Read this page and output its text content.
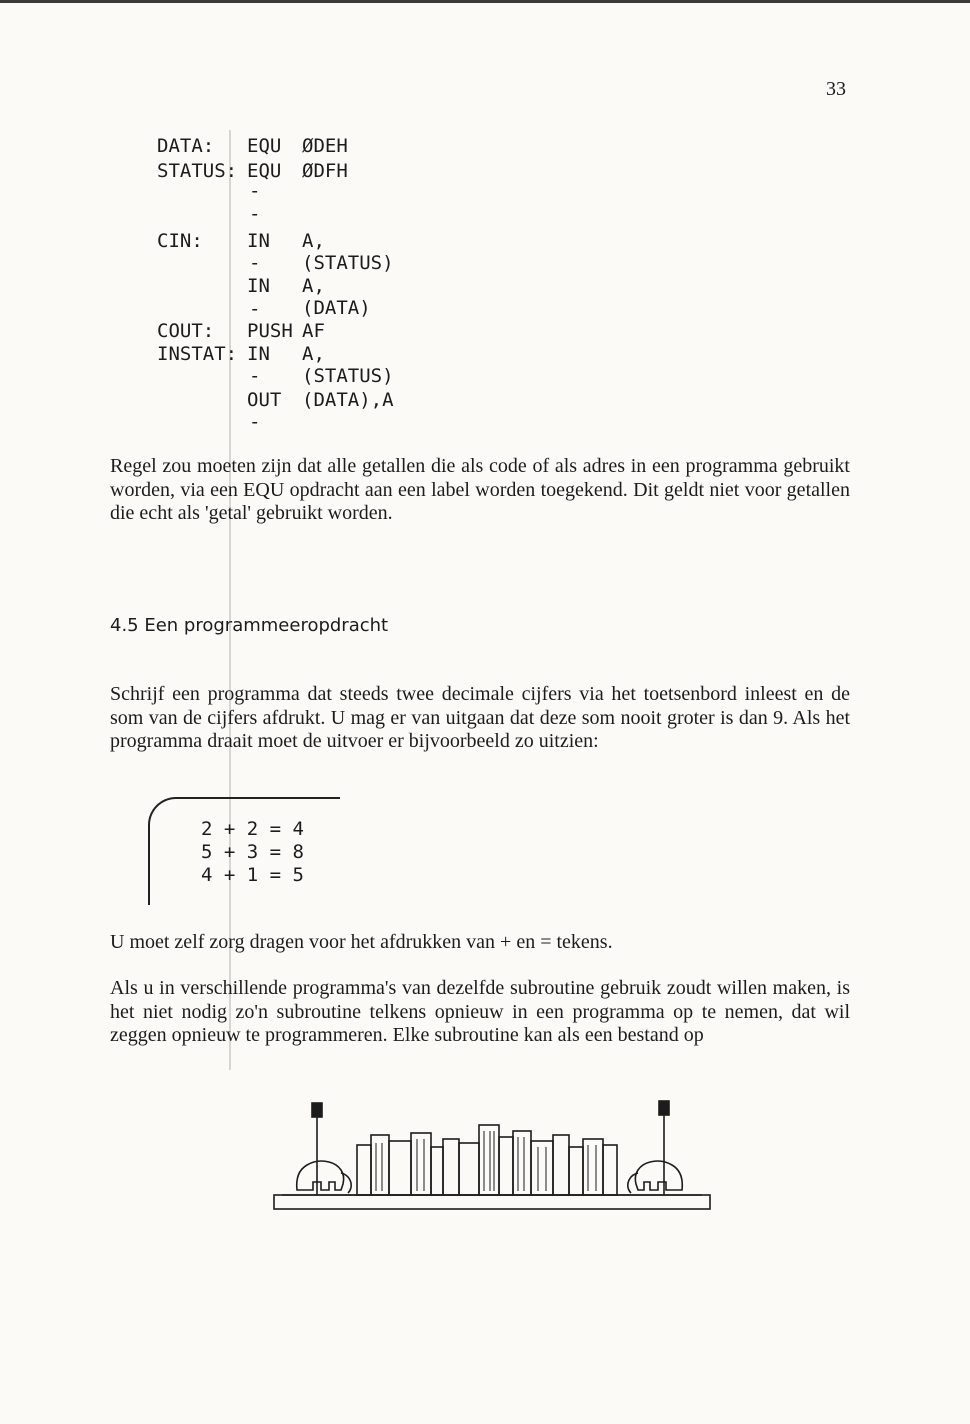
33
DATA: EQU ØDEH
STATUS: EQU ØDFH
-
-
CIN: IN A,(STATUS)
-
IN A,(DATA)
-
COUT: PUSH AF
INSTAT: IN A,(STATUS)
-
OUT (DATA),A
-

Regel zou moeten zijn dat alle getallen die als code of als adres in een programma gebruikt worden, via een EQU opdracht aan een label worden toegekend. Dit geldt niet voor getallen die echt als 'getal' gebruikt worden.

4.5 Een programmeeropdracht

Schrijf een programma dat steeds twee decimale cijfers via het toetsenbord inleest en de som van de cijfers afdrukt. U mag er van uitgaan dat deze som nooit groter is dan 9. Als het programma draait moet de uitvoer er bijvoorbeeld zo uitzien:

2 + 2 = 4
5 + 3 = 8
4 + 1 = 5

U moet zelf zorg dragen voor het afdrukken van + en = tekens.

Als u in verschillende programma's van dezelfde subroutine gebruik zoudt willen maken, is het niet nodig zo'n subroutine telkens opnieuw in een programma op te nemen, dat wil zeggen opnieuw te programmeren. Elke subroutine kan als een bestand op
